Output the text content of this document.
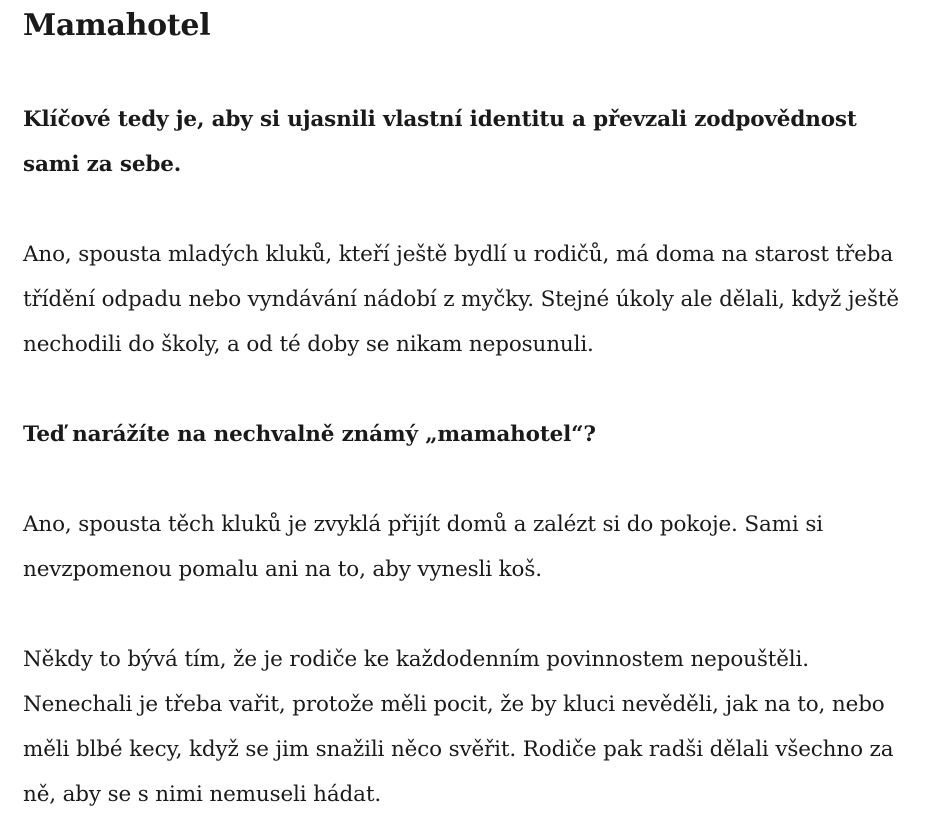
Mamahotel

Klíčové tedy je, aby si ujasnili vlastní identitu a převzali zodpovědnost sami za sebe.

Ano, spousta mladých kluků, kteří ještě bydlí u rodičů, má doma na starost třeba třídění odpadu nebo vyndávání nádobí z myčky. Stejné úkoly ale dělali, když ještě nechodili do školy, a od té doby se nikam neposunuli.

Teď narážíte na nechvalně známý „mamahotel“?

Ano, spousta těch kluků je zvyklá přijít domů a zalézt si do pokoje. Sami si nevzpomenou pomalu ani na to, aby vynesli koš.

Někdy to bývá tím, že je rodiče ke každodenním povinnostem nepouštěli. Nenechali je třeba vařit, protože měli pocit, že by kluci nevěděli, jak na to, nebo měli blbé kecy, když se jim snažili něco svěřit. Rodiče pak radši dělali všechno za ně, aby se s nimi nemuseli hádat.
